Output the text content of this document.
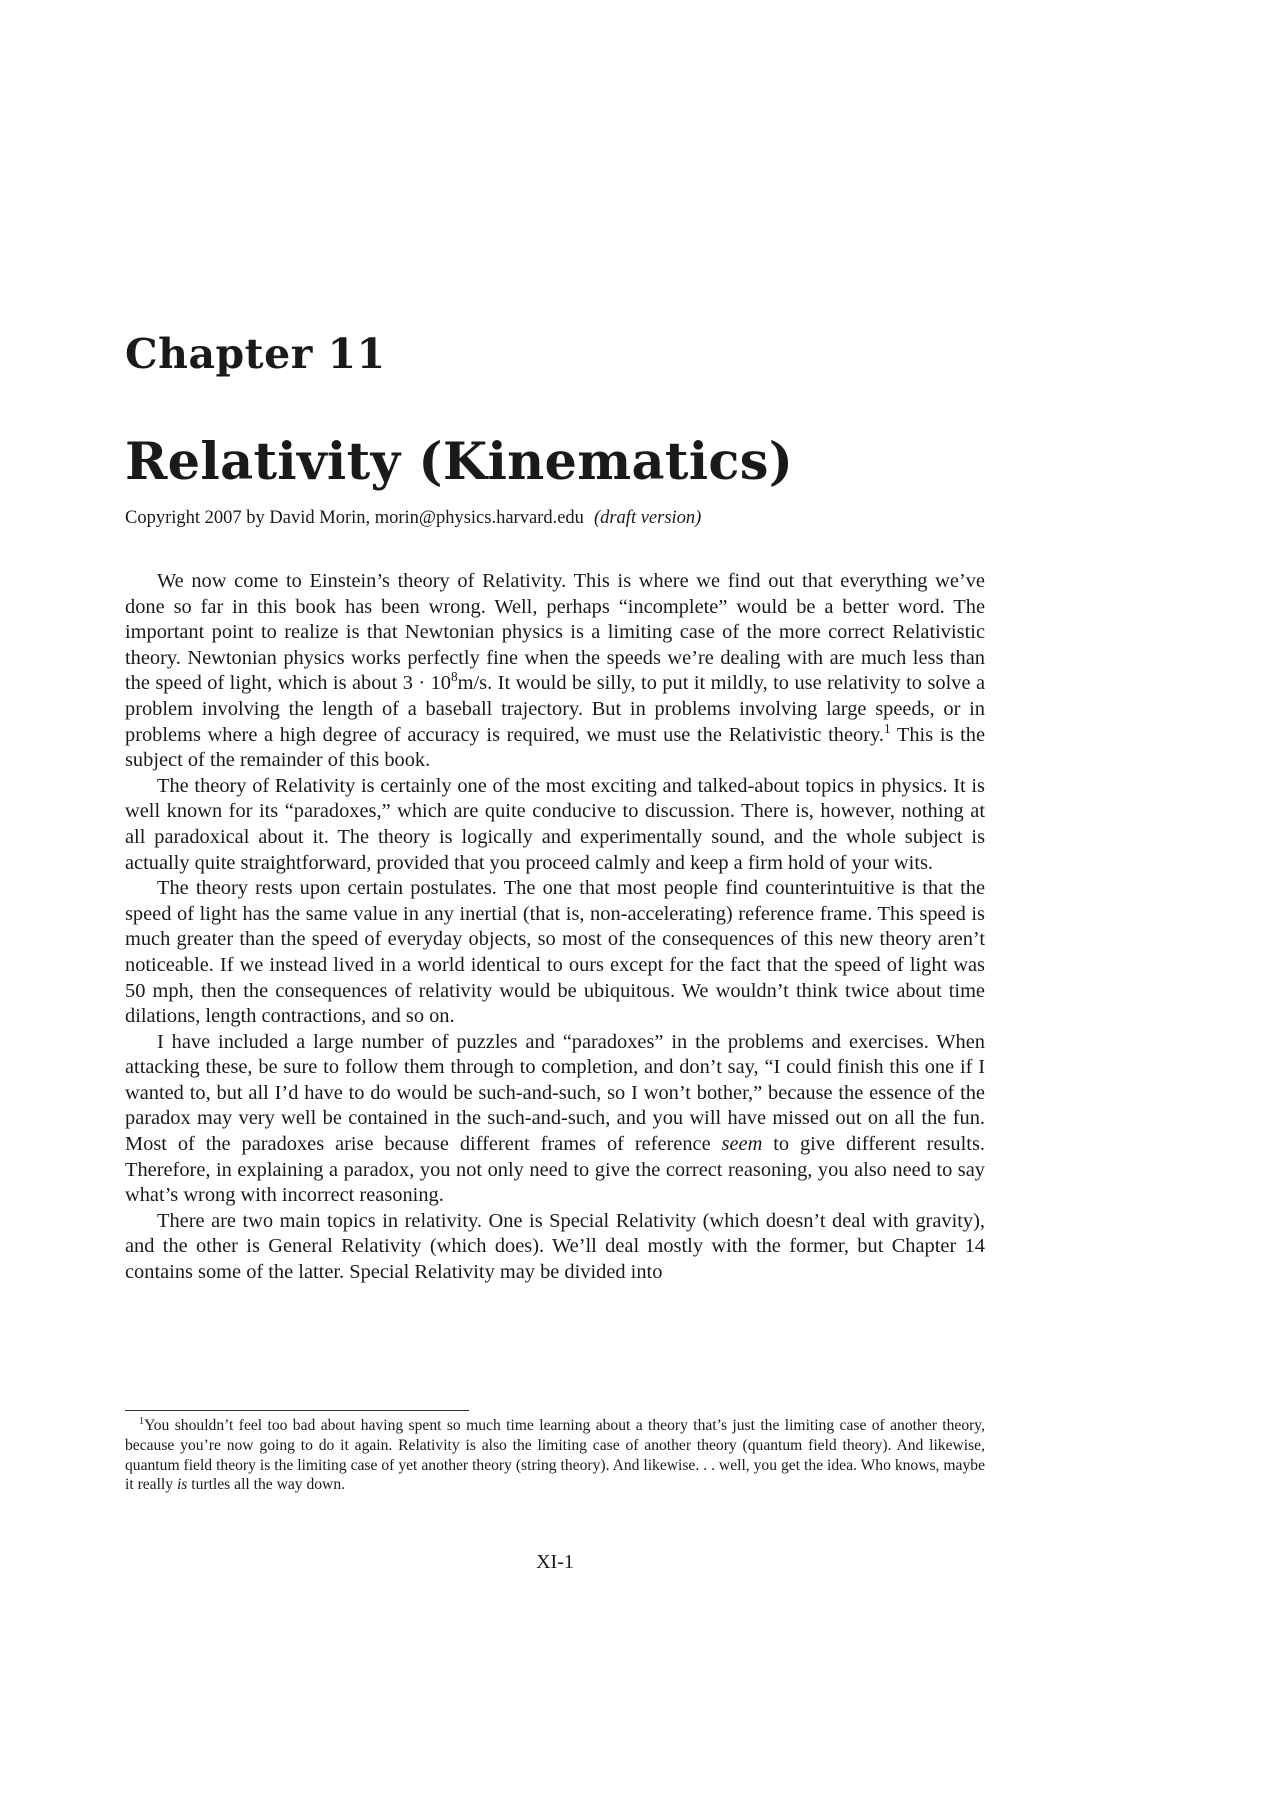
Chapter 11
Relativity (Kinematics)
Copyright 2007 by David Morin, morin@physics.harvard.edu (draft version)

We now come to Einstein’s theory of Relativity. This is where we find out that everything we’ve done so far in this book has been wrong. Well, perhaps “incomplete” would be a better word. The important point to realize is that Newtonian physics is a limiting case of the more correct Relativistic theory. Newtonian physics works perfectly fine when the speeds we’re dealing with are much less than the speed of light, which is about $3 \cdot 10^8m/s$. It would be silly, to put it mildly, to use relativity to solve a problem involving the length of a baseball trajectory. But in problems involving large speeds, or in problems where a high degree of accuracy is required, we must use the Relativistic theory.$^1$ This is the subject of the remainder of this book.

The theory of Relativity is certainly one of the most exciting and talked-about topics in physics. It is well known for its “paradoxes,” which are quite conducive to discussion. There is, however, nothing at all paradoxical about it. The theory is logically and experimentally sound, and the whole subject is actually quite straightforward, provided that you proceed calmly and keep a firm hold of your wits.

The theory rests upon certain postulates. The one that most people find counterintuitive is that the speed of light has the same value in any inertial (that is, non-accelerating) reference frame. This speed is much greater than the speed of everyday objects, so most of the consequences of this new theory aren’t noticeable. If we instead lived in a world identical to ours except for the fact that the speed of light was 50 mph, then the consequences of relativity would be ubiquitous. We wouldn’t think twice about time dilations, length contractions, and so on.

I have included a large number of puzzles and “paradoxes” in the problems and exercises. When attacking these, be sure to follow them through to completion, and don’t say, “I could finish this one if I wanted to, but all I’d have to do would be such-and-such, so I won’t bother,” because the essence of the paradox may very well be contained in the such-and-such, and you will have missed out on all the fun. Most of the paradoxes arise because different frames of reference seem to give different results. Therefore, in explaining a paradox, you not only need to give the correct reasoning, you also need to say what’s wrong with incorrect reasoning.

There are two main topics in relativity. One is Special Relativity (which doesn’t deal with gravity), and the other is General Relativity (which does). We’ll deal mostly with the former, but Chapter 14 contains some of the latter. Special Relativity may be divided into

$^1$You shouldn’t feel too bad about having spent so much time learning about a theory that’s just the limiting case of another theory, because you’re now going to do it again. Relativity is also the limiting case of another theory (quantum field theory). And likewise, quantum field theory is the limiting case of yet another theory (string theory). And likewise. . . well, you get the idea. Who knows, maybe it really is turtles all the way down.
XI-1
